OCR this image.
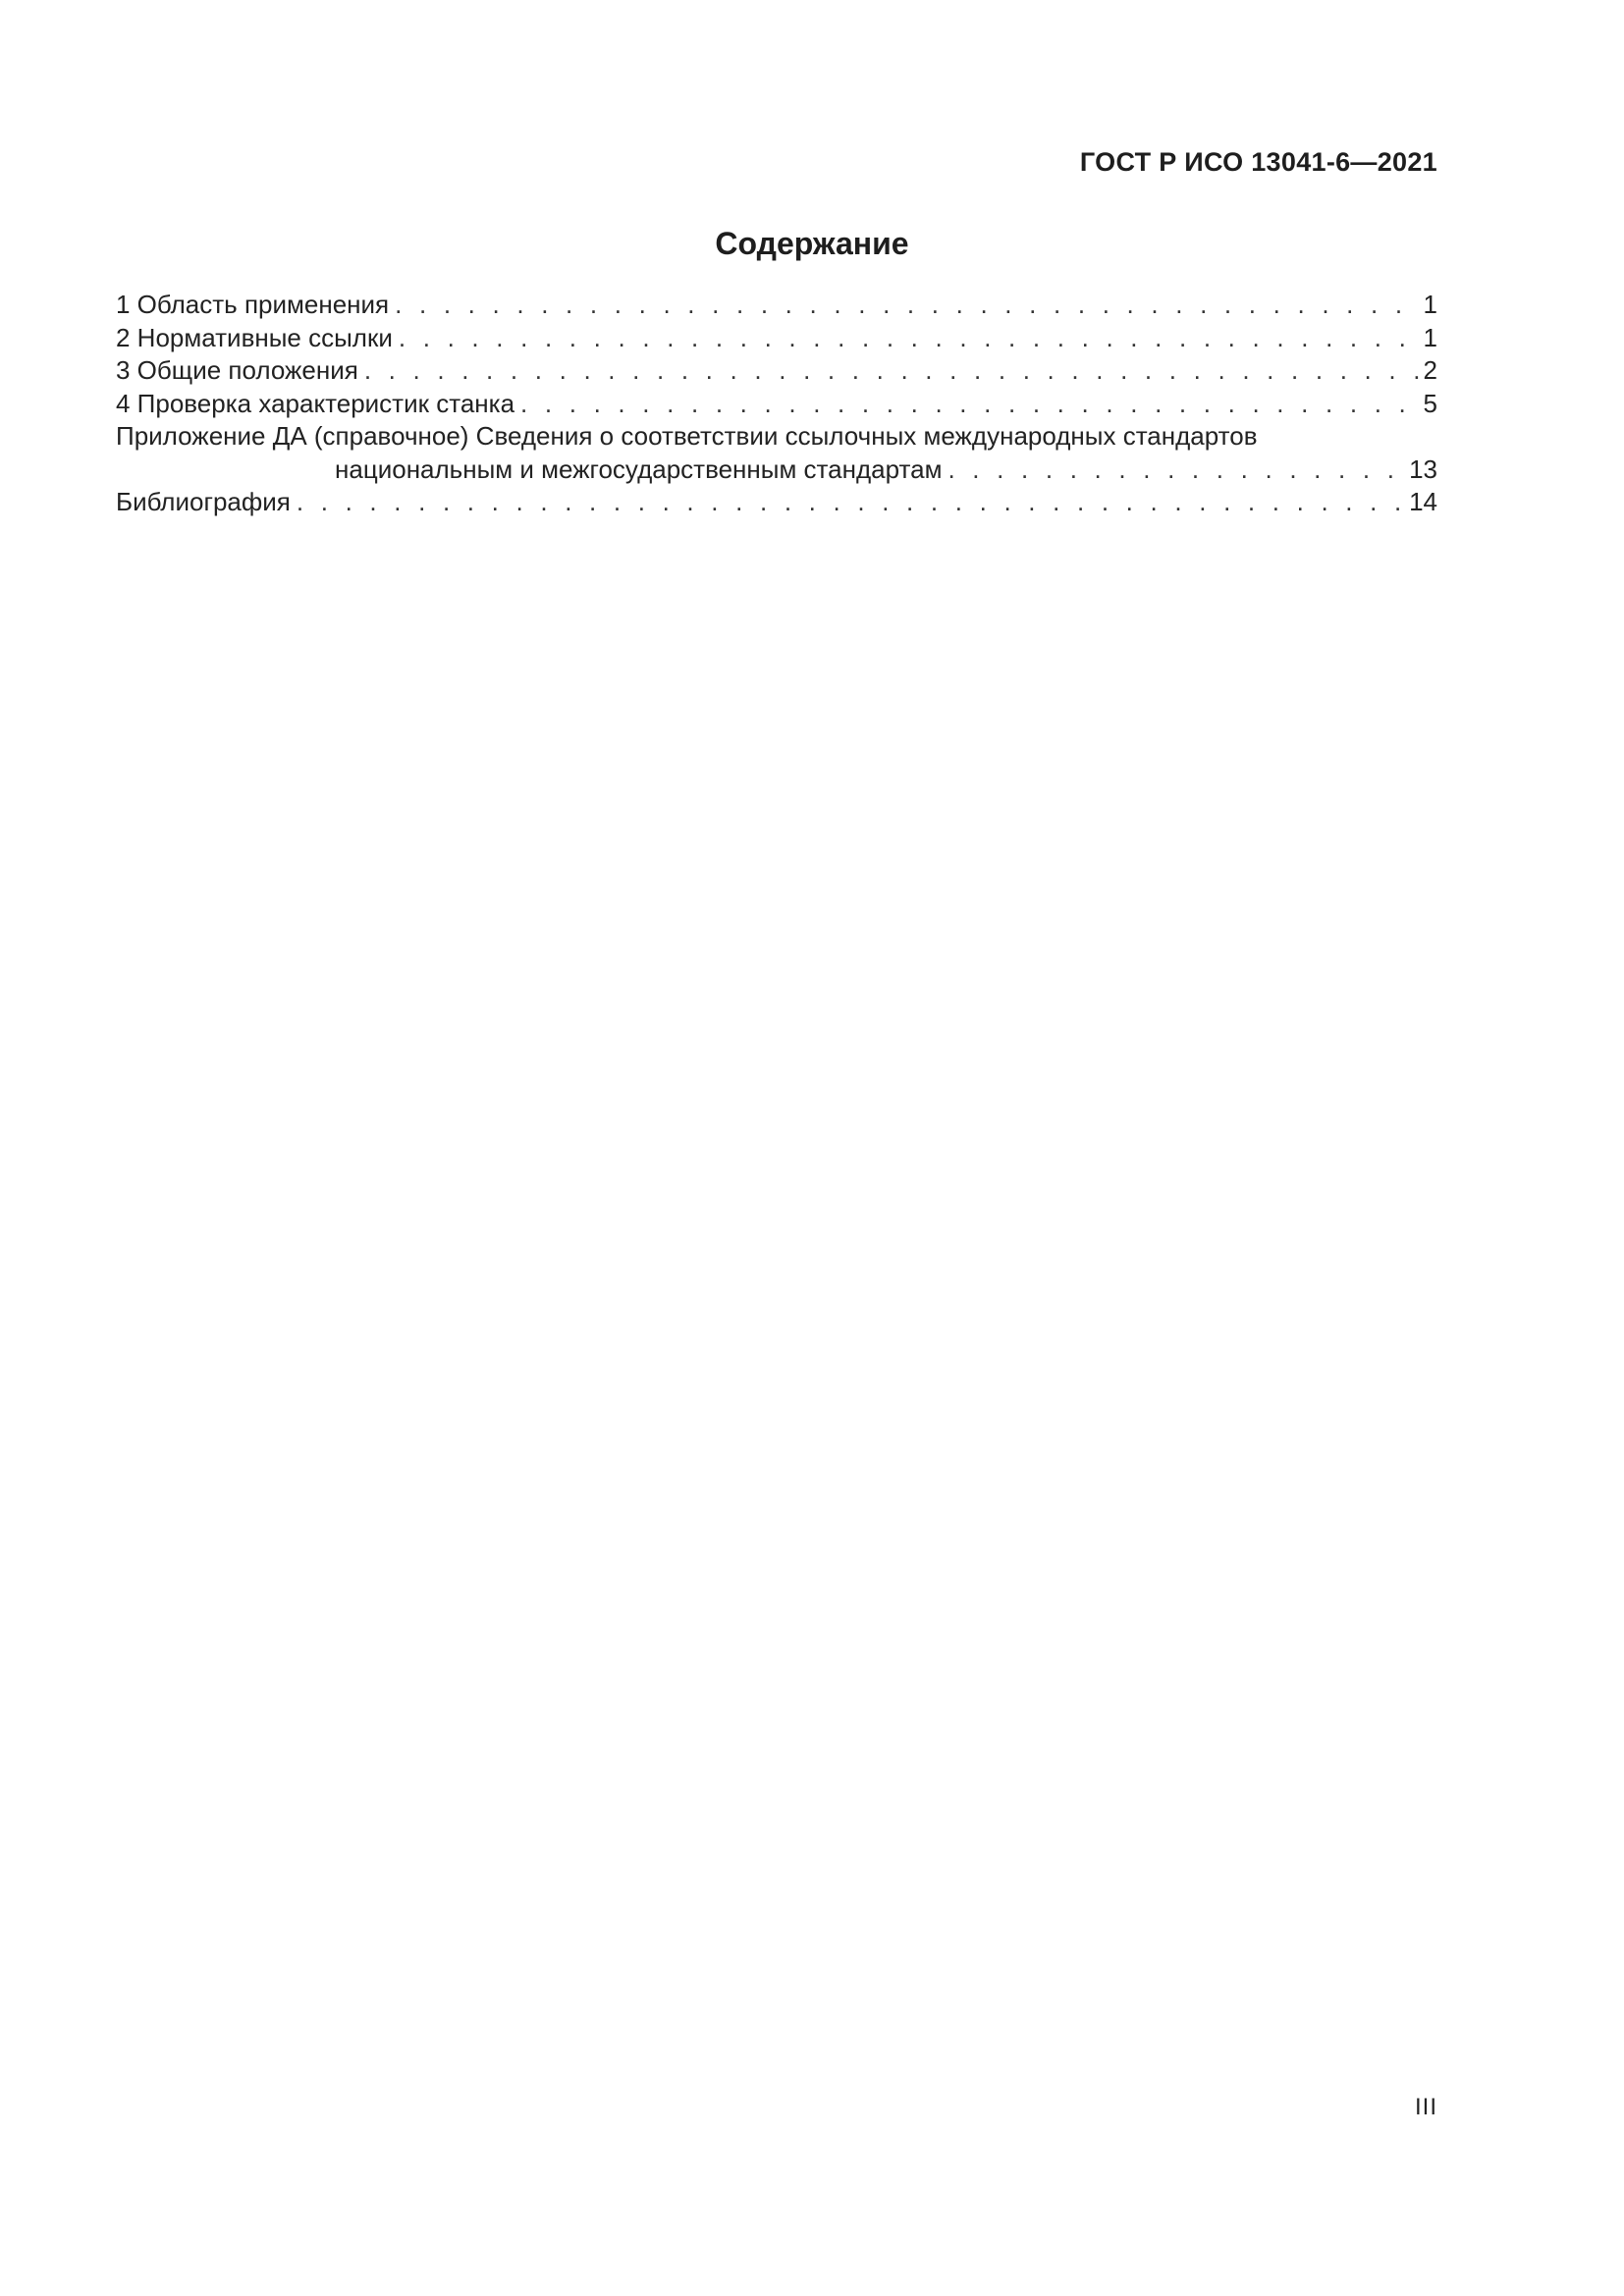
ГОСТ Р ИСО 13041-6—2021
Содержание
1 Область применения . . .	1
2 Нормативные ссылки . . .	1
3 Общие положения . . .	2
4 Проверка характеристик станка . . .	5
Приложение ДА (справочное) Сведения о соответствии ссылочных международных стандартов
национальным и межгосударственным стандартам . . .	13
Библиография . . .	14
III
